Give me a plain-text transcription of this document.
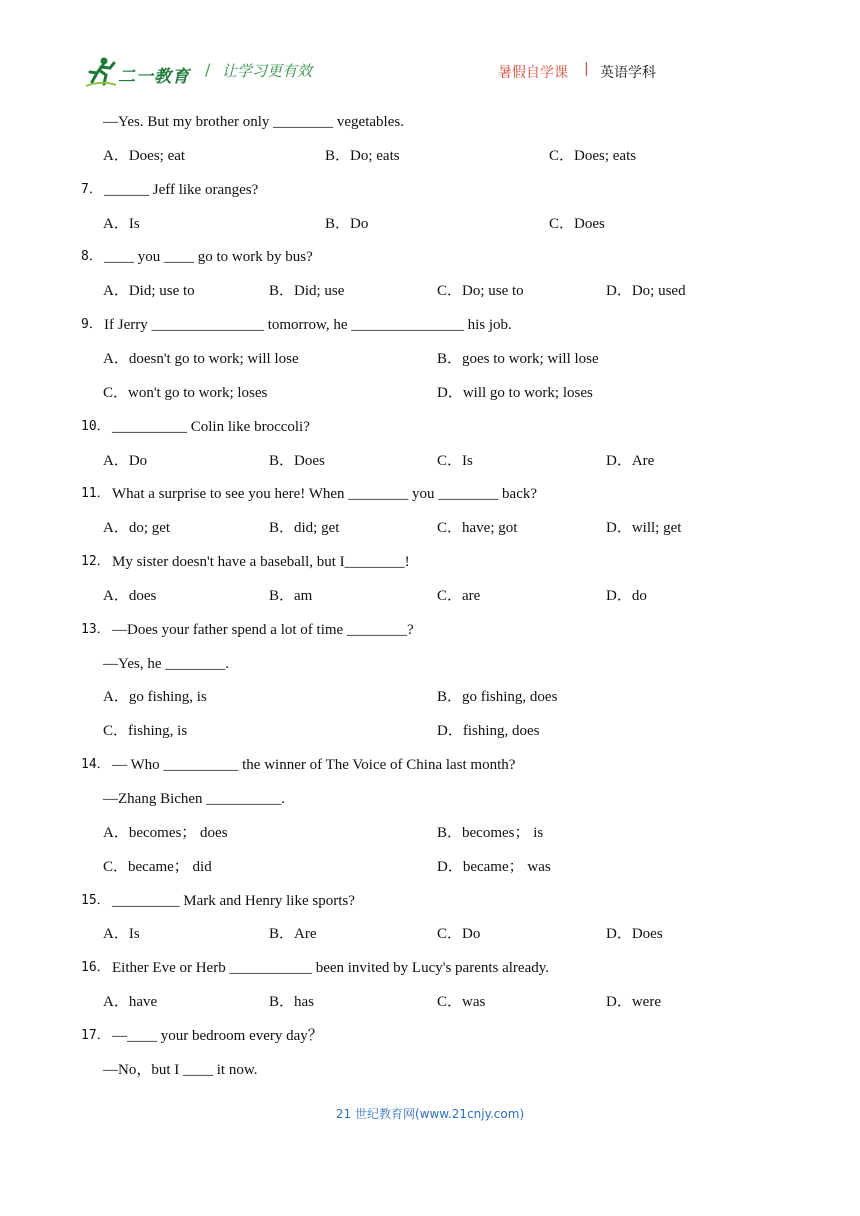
二一教育 / 让学习更有效	暑假自学课 | 英语学科
—Yes. But my brother only ________ vegetables.
A．Does; eat	B．Do; eats	C．Does; eats
7． ______ Jeff like oranges?
A．Is	B．Do	C．Does
8． ____ you ____ go to work by bus?
A．Did; use to	B．Did; use	C．Do; use to	D．Do; used
9． If Jerry _______________ tomorrow, he _______________ his job.
A．doesn't go to work; will lose	B．goes to work; will lose
C．won't go to work; loses	D．will go to work; loses
10． __________ Colin like broccoli?
A．Do	B．Does	C．Is	D．Are
11． What a surprise to see you here! When ________ you ________ back?
A．do; get	B．did; get	C．have; got	D．will; get
12． My sister doesn't have a baseball, but I________!
A．does	B．am	C．are	D．do
13． —Does your father spend a lot of time ________?
—Yes, he ________.
A．go fishing, is	B．go fishing, does
C．fishing, is	D．fishing, does
14． — Who __________ the winner of The Voice of China last month?
—Zhang Bichen __________.
A．becomes； does	B．becomes； is
C．became； did	D．became； was
15． _________ Mark and Henry like sports?
A．Is	B．Are	C．Do	D．Does
16． Either Eve or Herb ___________ been invited by Lucy's parents already.
A．have	B．has	C．was	D．were
17． —____ your bedroom every day？
—No，but I ____ it now.
21 世纪教育网(www.21cnjy.com)
